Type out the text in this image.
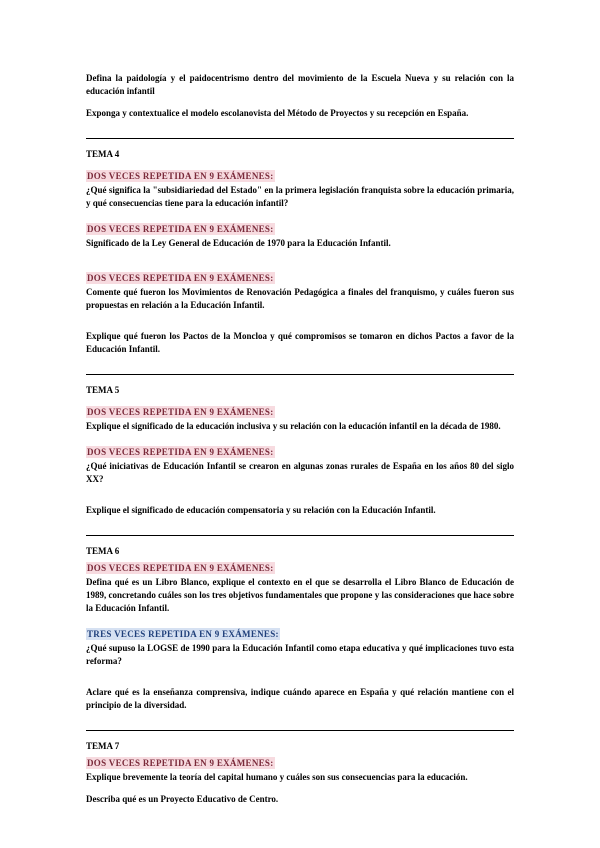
Defina la paidología y el paidocentrismo dentro del movimiento de la Escuela Nueva y su relación con la educación infantil

Exponga y contextualice el modelo escolanovista del Método de Proyectos y su recepción en España.

TEMA 4
DOS VECES REPETIDA EN 9 EXÁMENES:

¿Qué significa la "subsidiariedad del Estado" en la primera legislación franquista sobre la educación primaria, y qué consecuencias tiene para la educación infantil?

DOS VECES REPETIDA EN 9 EXÁMENES:

Significado de la Ley General de Educación de 1970 para la Educación Infantil.

DOS VECES REPETIDA EN 9 EXÁMENES:

Comente qué fueron los Movimientos de Renovación Pedagógica a finales del franquismo, y cuáles fueron sus propuestas en relación a la Educación Infantil.

Explique qué fueron los Pactos de la Moncloa y qué compromisos se tomaron en dichos Pactos a favor de la Educación Infantil.

TEMA 5
DOS VECES REPETIDA EN 9 EXÁMENES:

Explique el significado de la educación inclusiva y su relación con la educación infantil en la década de 1980.

DOS VECES REPETIDA EN 9 EXÁMENES:

¿Qué iniciativas de Educación Infantil se crearon en algunas zonas rurales de España en los años 80 del siglo XX?

Explique el significado de educación compensatoria y su relación con la Educación Infantil.

TEMA 6
DOS VECES REPETIDA EN 9 EXÁMENES:

Defina qué es un Libro Blanco, explique el contexto en el que se desarrolla el Libro Blanco de Educación de 1989, concretando cuáles son los tres objetivos fundamentales que propone y las consideraciones que hace sobre la Educación Infantil.

TRES VECES REPETIDA EN 9 EXÁMENES:

¿Qué supuso la LOGSE de 1990 para la Educación Infantil como etapa educativa y qué implicaciones tuvo esta reforma?

Aclare qué es la enseñanza comprensiva, indique cuándo aparece en España y qué relación mantiene con el principio de la diversidad.

TEMA 7
DOS VECES REPETIDA EN 9 EXÁMENES:

Explique brevemente la teoría del capital humano y cuáles son sus consecuencias para la educación.

Describa qué es un Proyecto Educativo de Centro.
